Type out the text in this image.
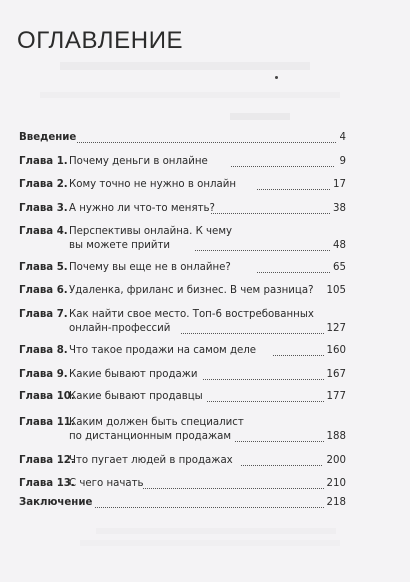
ОГЛАВЛЕНИЕ
Введение	4
Глава 1. Почему деньги в онлайне	9
Глава 2. Кому точно не нужно в онлайн	17
Глава 3. А нужно ли что-то менять?	38
Глава 4. Перспективы онлайна. К чему
вы можете прийти	48
Глава 5. Почему вы еще не в онлайне?	65
Глава 6. Удаленка, фриланс и бизнес. В чем разница?	105
Глава 7. Как найти свое место. Топ-6 востребованных
онлайн-профессий	127
Глава 8. Что такое продажи на самом деле	160
Глава 9. Какие бывают продажи	167
Глава 10.
Какие бывают продавцы	177
Глава 11.
Каким должен быть специалист
по дистанционным продажам	188
Глава 12.
Что пугает людей в продажах	200
Глава 13.
С чего начать	210
Заключение	218
